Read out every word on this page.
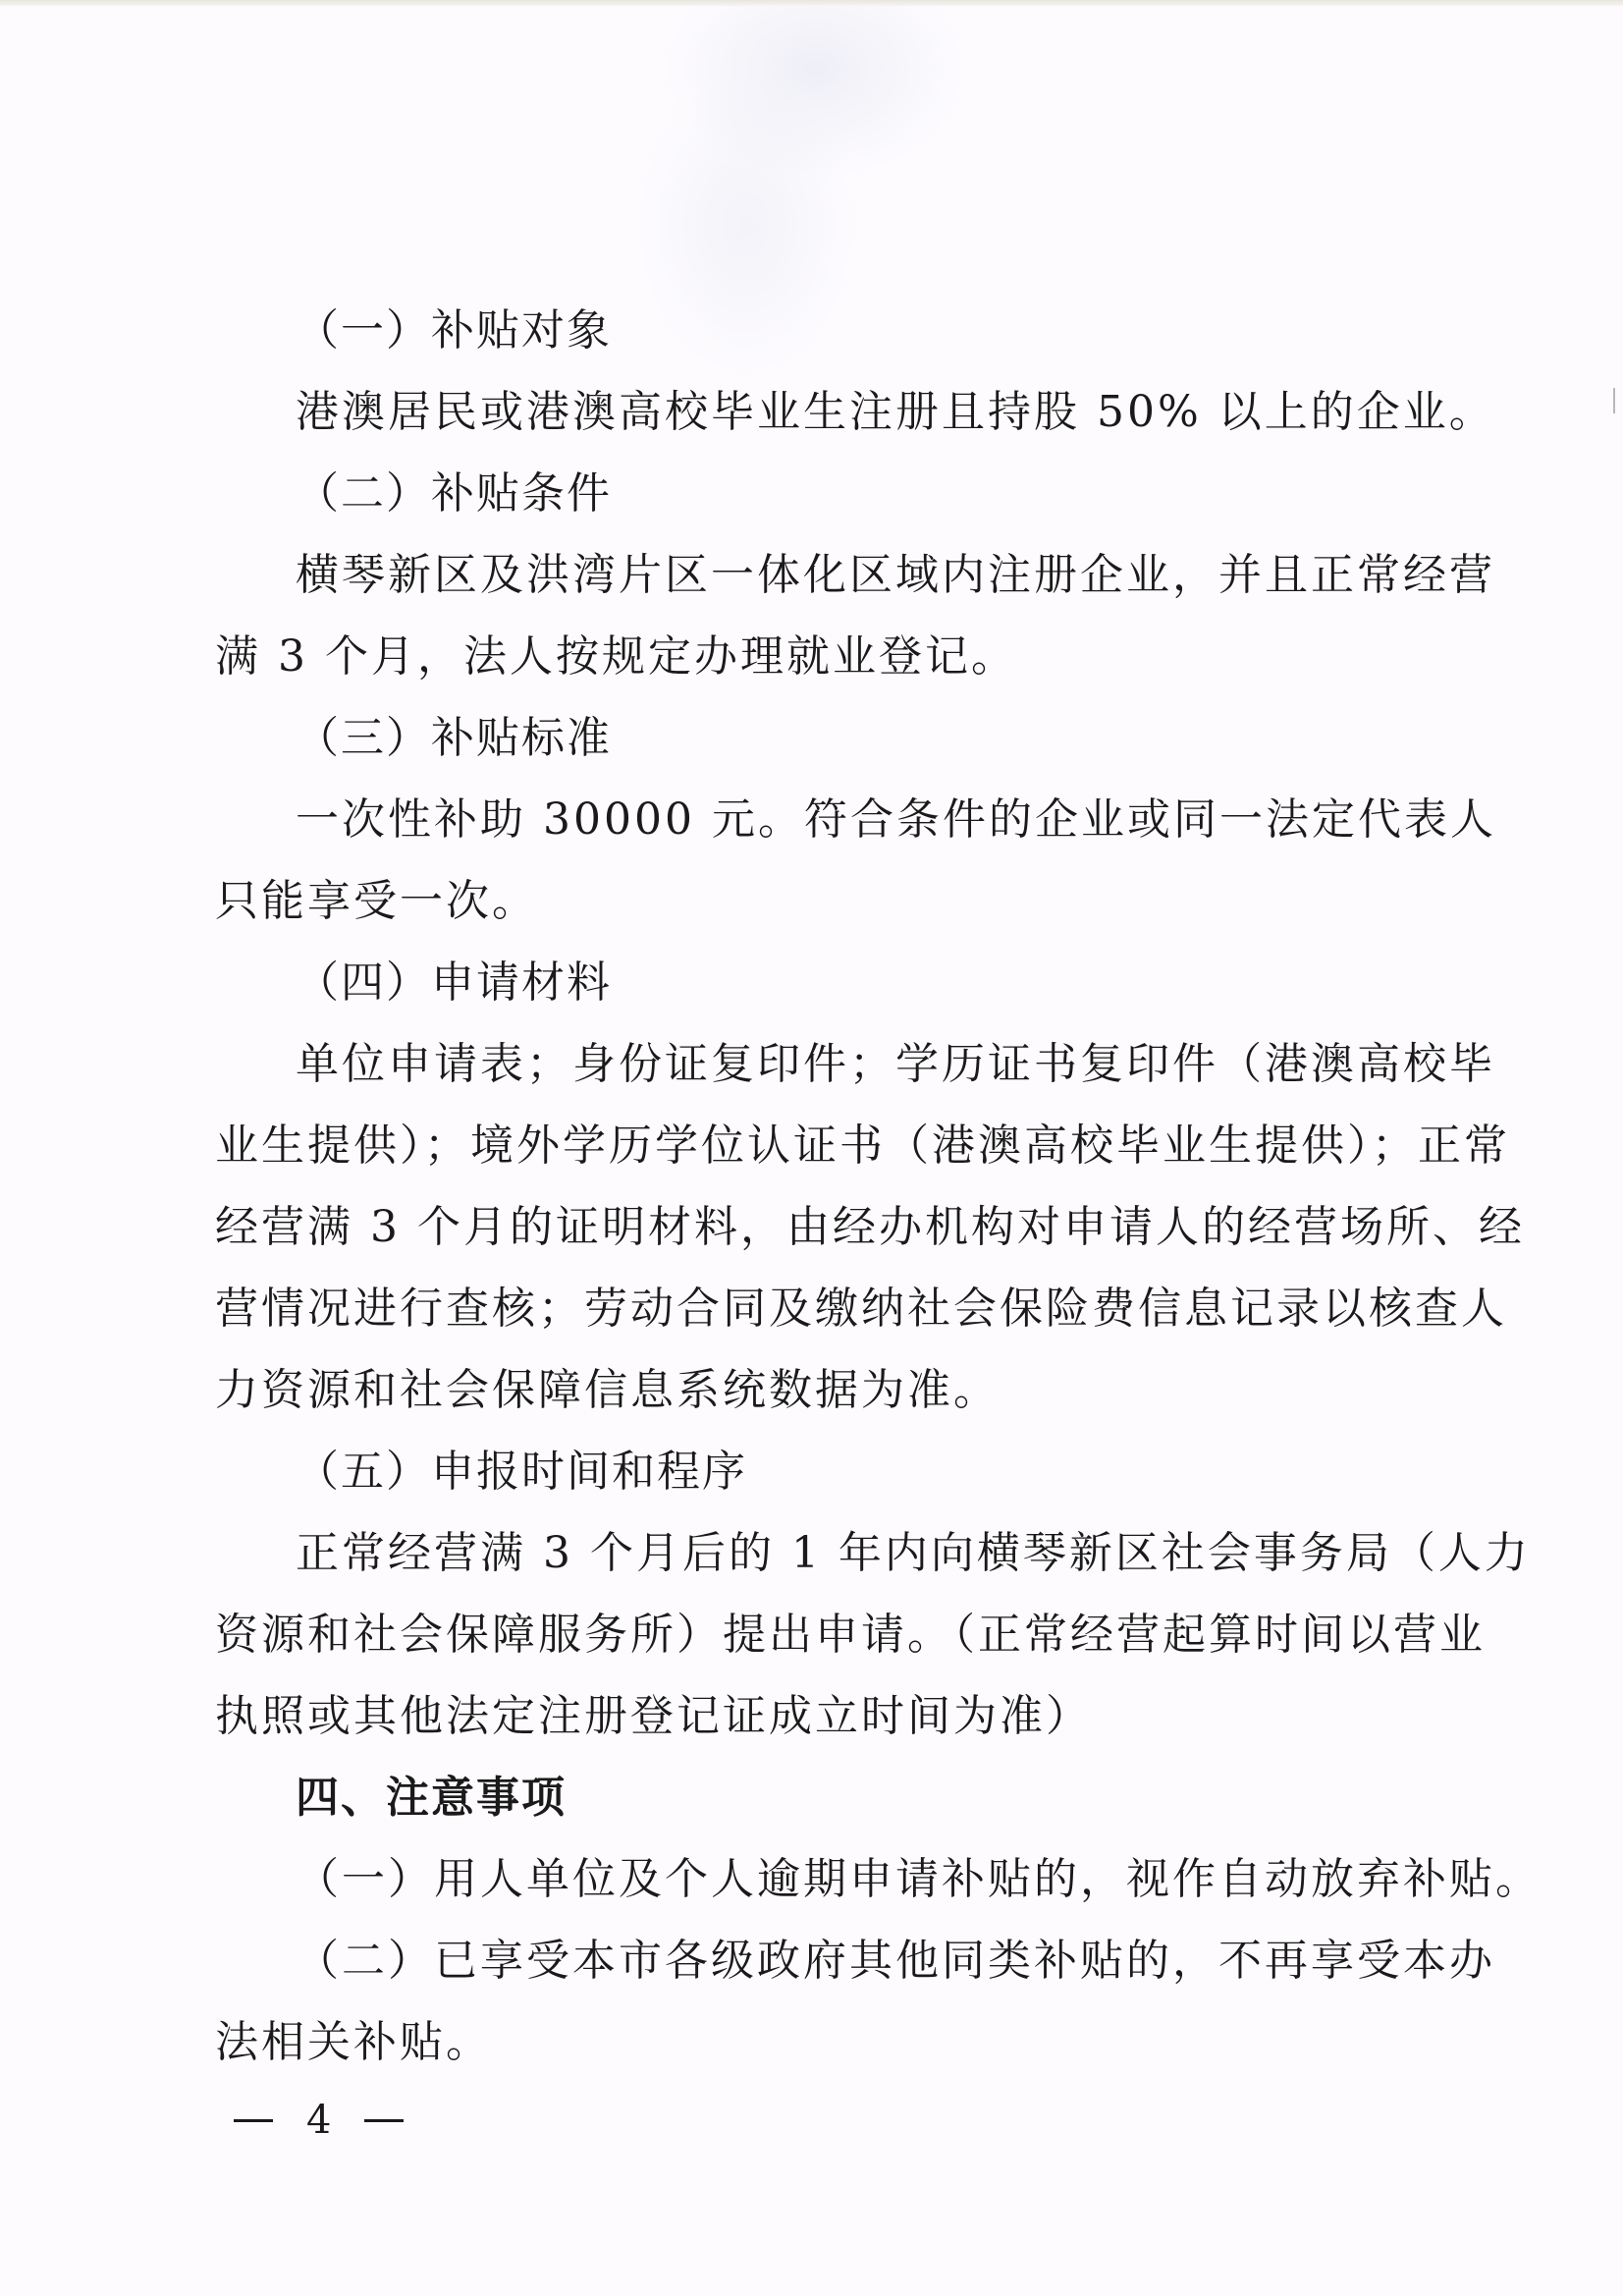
（一）补贴对象
港澳居民或港澳高校毕业生注册且持股 50% 以上的企业。
（二）补贴条件
横琴新区及洪湾片区一体化区域内注册企业，并且正常经营
满 3 个月，法人按规定办理就业登记。
（三）补贴标准
一次性补助 30000 元。符合条件的企业或同一法定代表人
只能享受一次。
（四）申请材料
单位申请表；身份证复印件；学历证书复印件（港澳高校毕
业生提供）；境外学历学位认证书（港澳高校毕业生提供）；正常
经营满 3 个月的证明材料，由经办机构对申请人的经营场所、经
营情况进行查核；劳动合同及缴纳社会保险费信息记录以核查人
力资源和社会保障信息系统数据为准。
（五）申报时间和程序
正常经营满 3 个月后的 1 年内向横琴新区社会事务局（人力
资源和社会保障服务所）提出申请。（正常经营起算时间以营业
执照或其他法定注册登记证成立时间为准）
四、注意事项
（一）用人单位及个人逾期申请补贴的，视作自动放弃补贴。
（二）已享受本市各级政府其他同类补贴的，不再享受本办
法相关补贴。
4
